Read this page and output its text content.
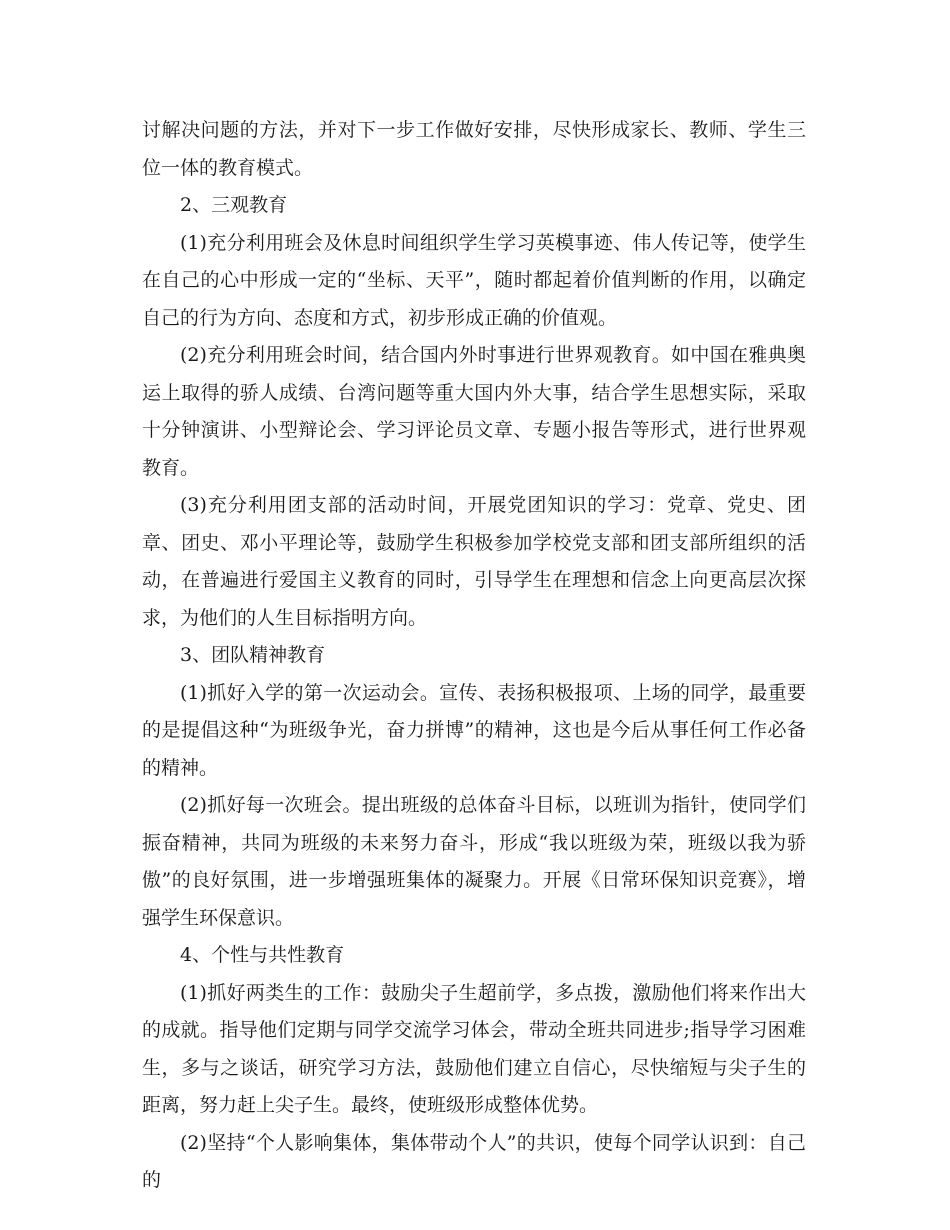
讨解决问题的方法，并对下一步工作做好安排，尽快形成家长、教师、学生三位一体的教育模式。

2、三观教育

(1)充分利用班会及休息时间组织学生学习英模事迹、伟人传记等，使学生在自己的心中形成一定的“坐标、天平”，随时都起着价值判断的作用，以确定自己的行为方向、态度和方式，初步形成正确的价值观。

(2)充分利用班会时间，结合国内外时事进行世界观教育。如中国在雅典奥运上取得的骄人成绩、台湾问题等重大国内外大事，结合学生思想实际，采取十分钟演讲、小型辩论会、学习评论员文章、专题小报告等形式，进行世界观教育。

(3)充分利用团支部的活动时间，开展党团知识的学习：党章、党史、团章、团史、邓小平理论等，鼓励学生积极参加学校党支部和团支部所组织的活动，在普遍进行爱国主义教育的同时，引导学生在理想和信念上向更高层次探求，为他们的人生目标指明方向。

3、团队精神教育

(1)抓好入学的第一次运动会。宣传、表扬积极报项、上场的同学，最重要的是提倡这种“为班级争光，奋力拼博”的精神，这也是今后从事任何工作必备的精神。

(2)抓好每一次班会。提出班级的总体奋斗目标，以班训为指针，使同学们振奋精神，共同为班级的未来努力奋斗，形成“我以班级为荣，班级以我为骄傲”的良好氛围，进一步增强班集体的凝聚力。开展《日常环保知识竞赛》，增强学生环保意识。

4、个性与共性教育

(1)抓好两类生的工作：鼓励尖子生超前学，多点拨，激励他们将来作出大的成就。指导他们定期与同学交流学习体会，带动全班共同进步;指导学习困难生，多与之谈话，研究学习方法，鼓励他们建立自信心，尽快缩短与尖子生的距离，努力赶上尖子生。最终，使班级形成整体优势。

(2)坚持“个人影响集体，集体带动个人”的共识，使每个同学认识到：自己的
